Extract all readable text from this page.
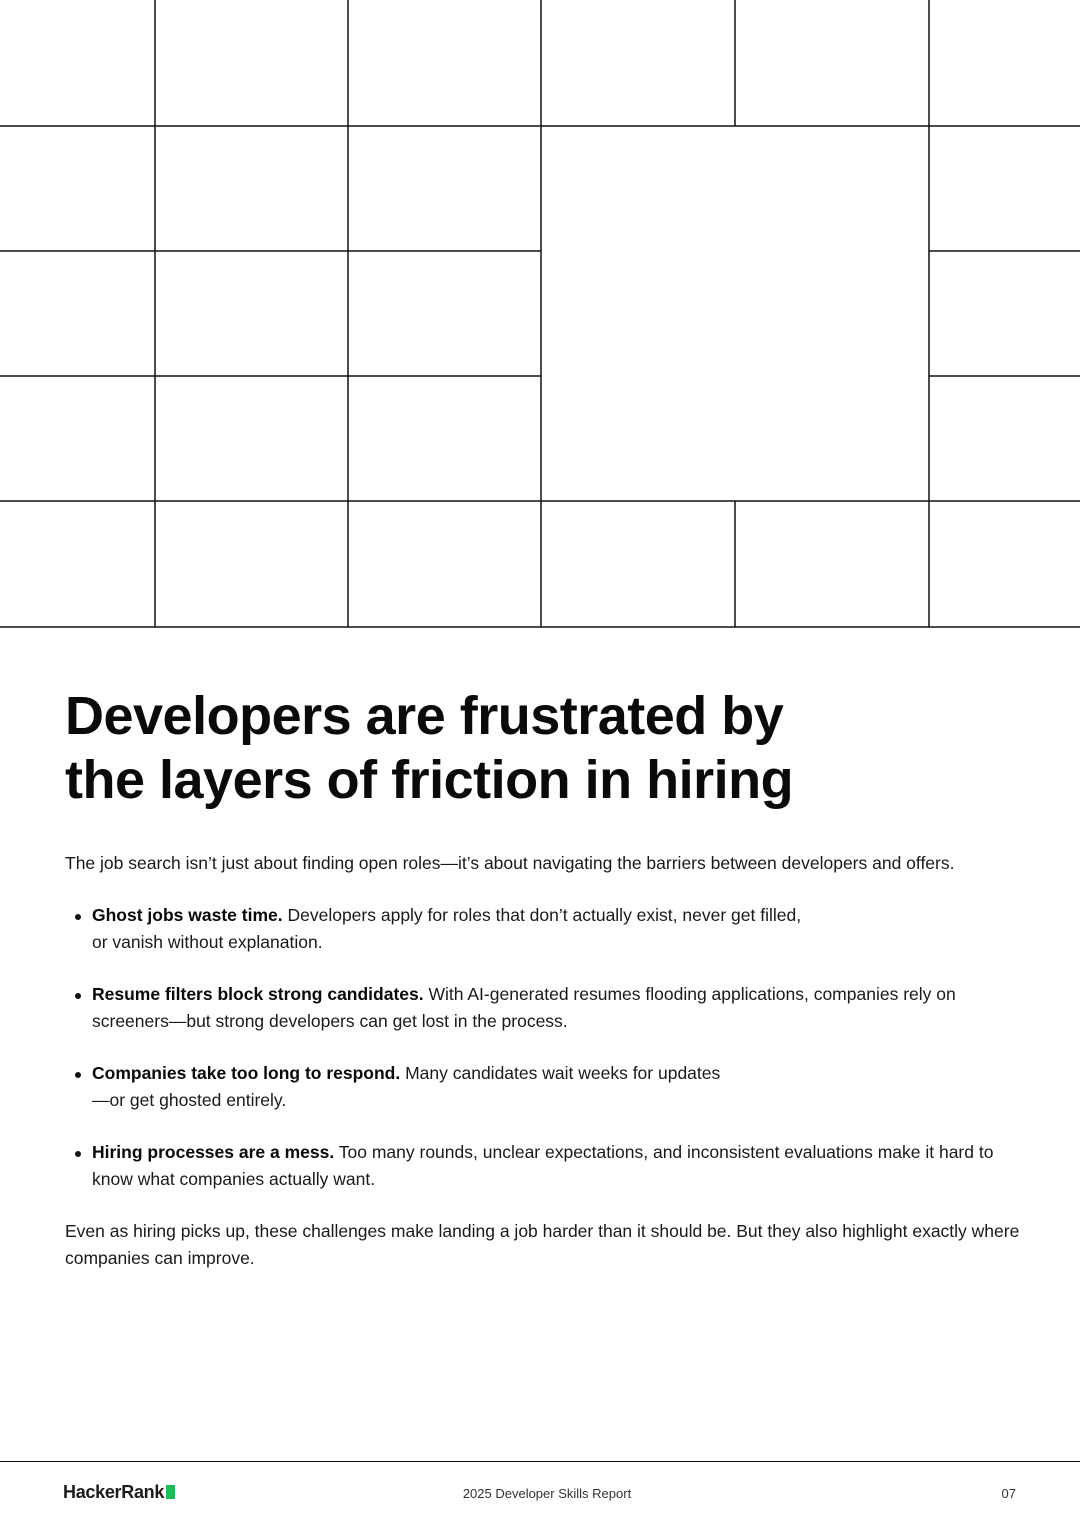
Developers are frustrated by
the layers of friction in hiring

The job search isn’t just about finding open roles—it’s about navigating the barriers between developers and offers.

Ghost jobs waste time. Developers apply for roles that don’t actually exist, never get filled,
or vanish without explanation.
Resume filters block strong candidates. With AI-generated resumes flooding applications, companies rely on
screeners—but strong developers can get lost in the process.
Companies take too long to respond. Many candidates wait weeks for updates
—or get ghosted entirely.
Hiring processes are a mess. Too many rounds, unclear expectations, and inconsistent evaluations make it hard to
know what companies actually want.

Even as hiring picks up, these challenges make landing a job harder than it should be. But they also highlight exactly where companies can improve.

HackerRank	2025 Developer Skills Report	07
